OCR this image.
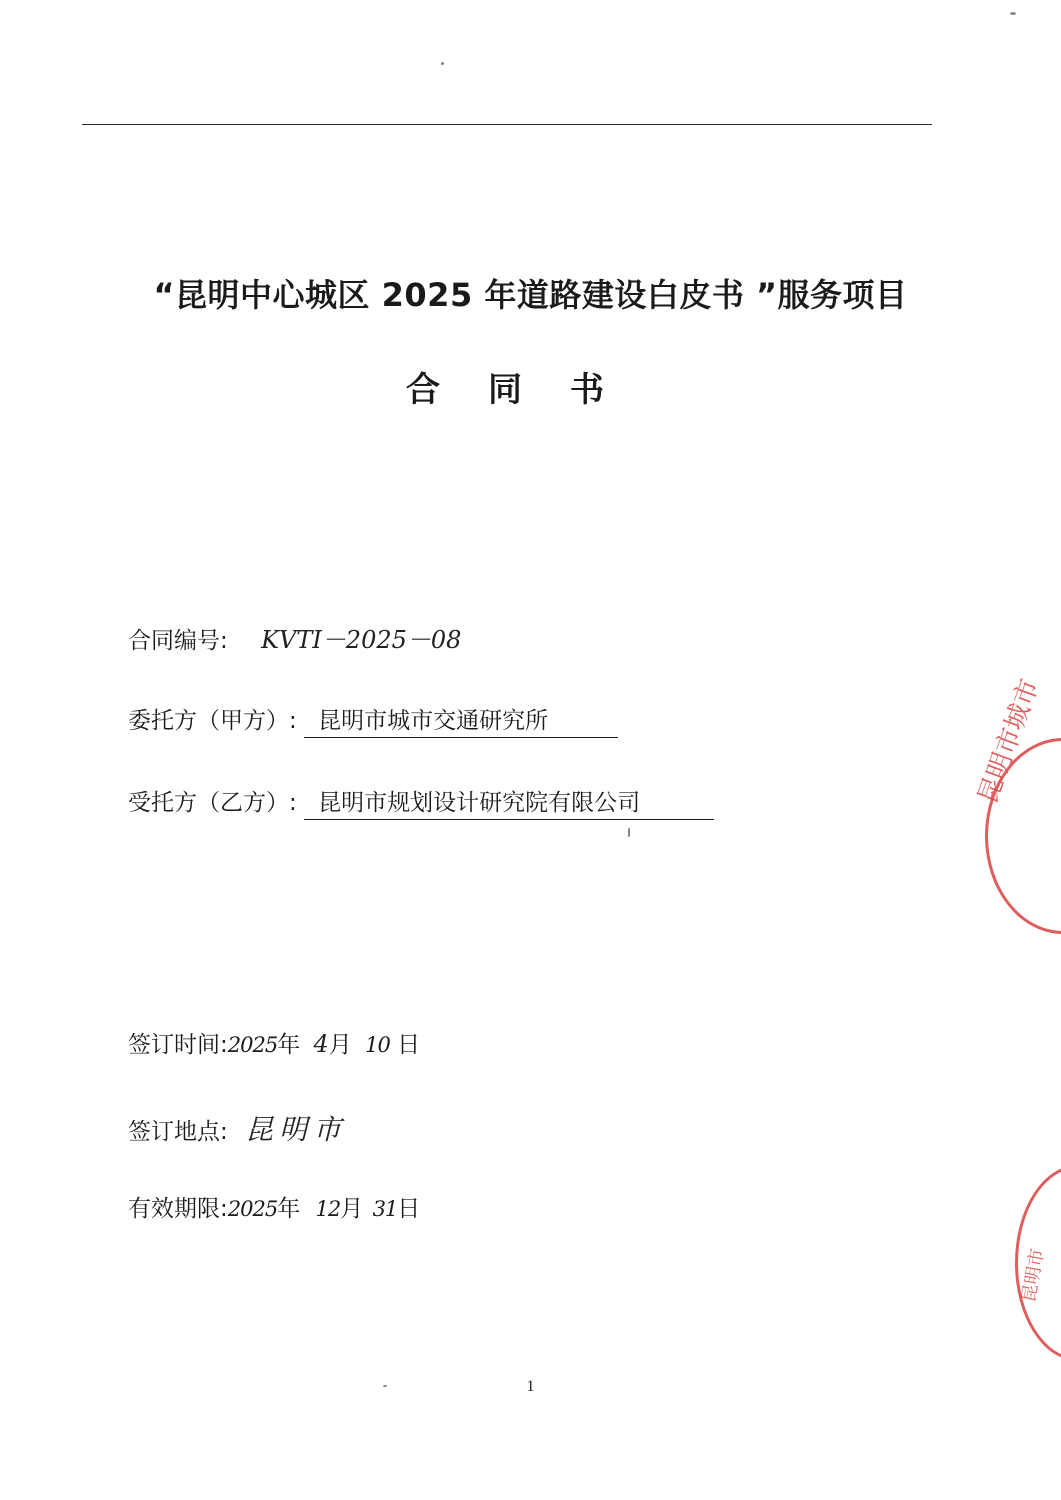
“昆明中心城区 2025 年道路建设白皮书 ”服务项目
合同书
合同编号: KVTI－2025－08
委托方（甲方）: 昆明市城市交通研究所
受托方（乙方）: 昆明市规划设计研究院有限公司
签订时间:2025年 4月 10 日
签订地点: 昆明市
有效期限:2025年 12月 31日
1
昆明市城市
昆明市
